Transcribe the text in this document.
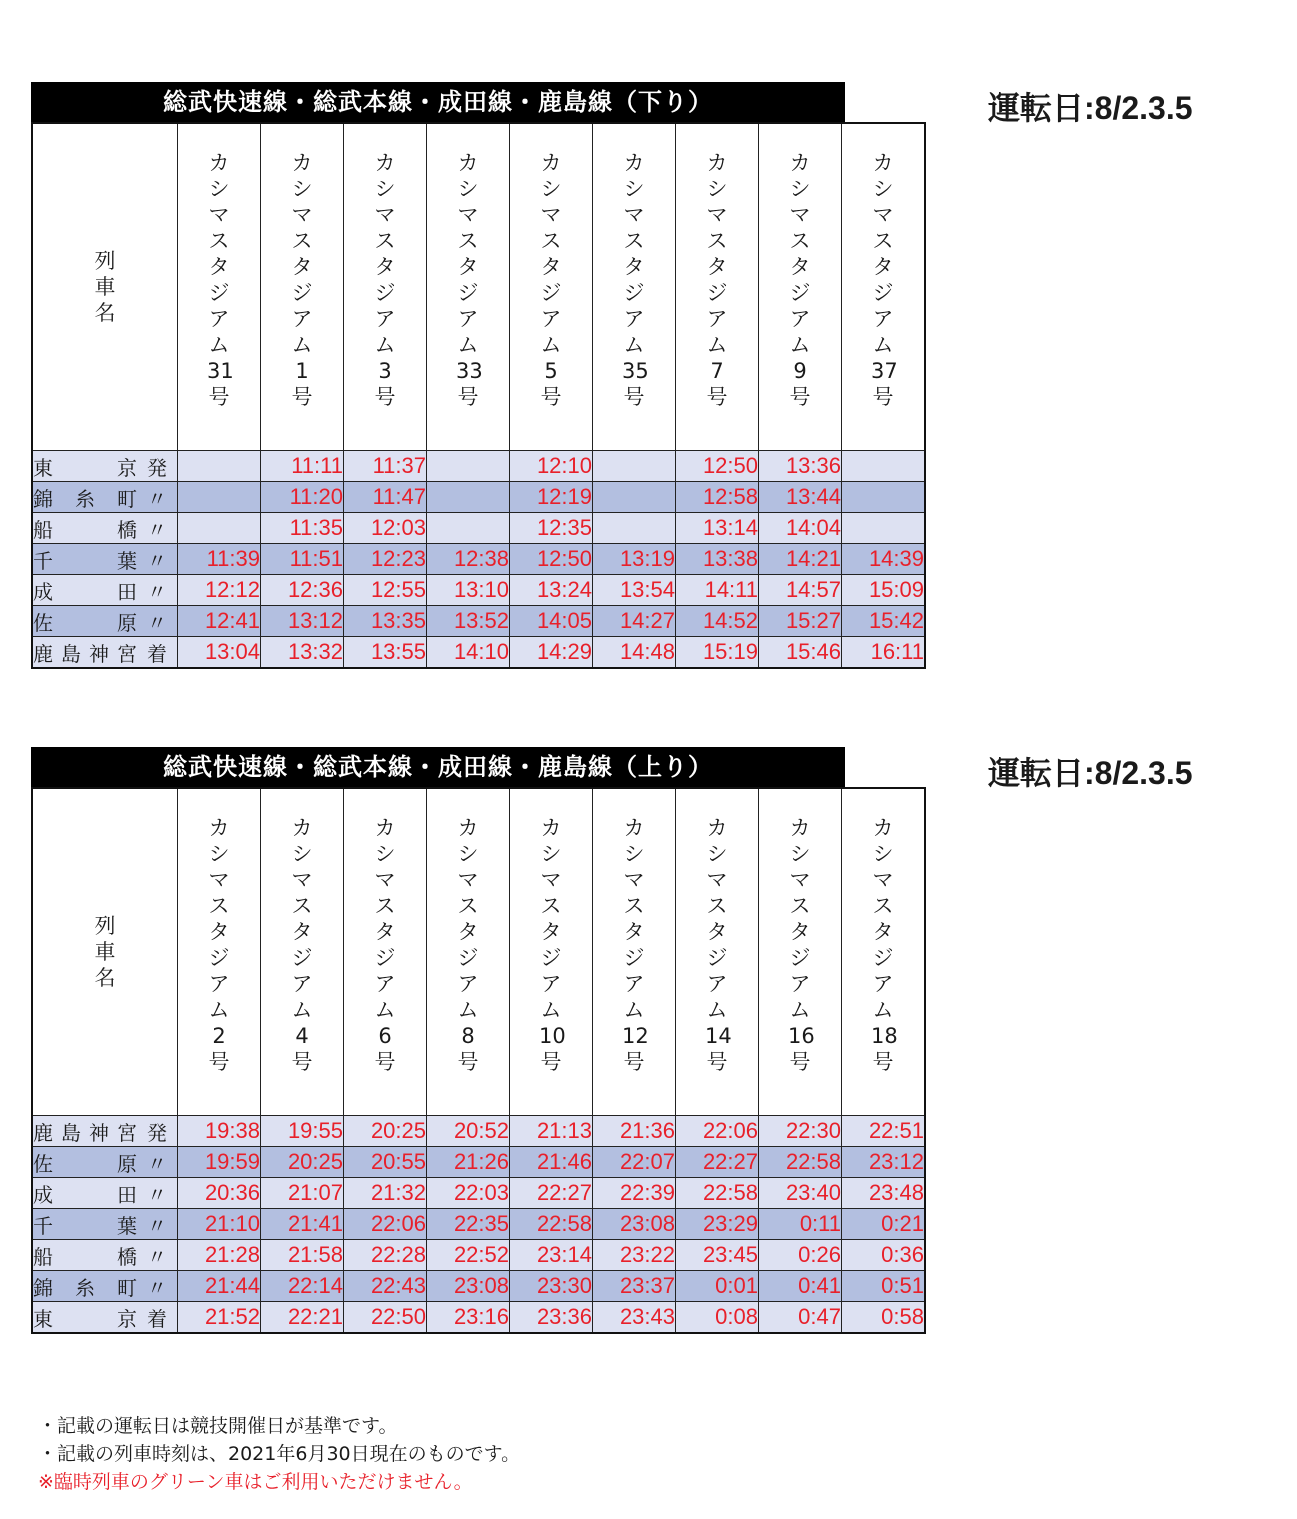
総武快速線・総武本線・成田線・鹿島線（下り）
列車名	カシマスタジアム
31
号	カシマスタジアム
1
号	カシマスタジアム
3
号	カシマスタジアム
33
号	カシマスタジアム
5
号	カシマスタジアム
35
号	カシマスタジアム
7
号	カシマスタジアム
9
号	カシマスタジアム
37
号

東 京 発		11:11	11:37		12:10		12:50	13:36	

錦 糸 町 〃		11:20	11:47		12:19		12:58	13:44	

船 橋 〃		11:35	12:03		12:35		13:14	14:04	

千 葉 〃	11:39	11:51	12:23	12:38	12:50	13:19	13:38	14:21	14:39

成 田 〃	12:12	12:36	12:55	13:10	13:24	13:54	14:11	14:57	15:09

佐 原 〃	12:41	13:12	13:35	13:52	14:05	14:27	14:52	15:27	15:42

鹿 島 神 宮 着	13:04	13:32	13:55	14:10	14:29	14:48	15:19	15:46	16:11
運転日:8/2.3.5
総武快速線・総武本線・成田線・鹿島線（上り）
列車名	カシマスタジアム
2
号	カシマスタジアム
4
号	カシマスタジアム
6
号	カシマスタジアム
8
号	カシマスタジアム
10
号	カシマスタジアム
12
号	カシマスタジアム
14
号	カシマスタジアム
16
号	カシマスタジアム
18
号

鹿 島 神 宮 発	19:38	19:55	20:25	20:52	21:13	21:36	22:06	22:30	22:51

佐 原 〃	19:59	20:25	20:55	21:26	21:46	22:07	22:27	22:58	23:12

成 田 〃	20:36	21:07	21:32	22:03	22:27	22:39	22:58	23:40	23:48

千 葉 〃	21:10	21:41	22:06	22:35	22:58	23:08	23:29	0:11	0:21

船 橋 〃	21:28	21:58	22:28	22:52	23:14	23:22	23:45	0:26	0:36

錦 糸 町 〃	21:44	22:14	22:43	23:08	23:30	23:37	0:01	0:41	0:51

東 京 着	21:52	22:21	22:50	23:16	23:36	23:43	0:08	0:47	0:58
運転日:8/2.3.5
・記載の運転日は競技開催日が基準です。
・記載の列車時刻は、2021年6月30日現在のものです。
※臨時列車のグリーン車はご利用いただけません。
